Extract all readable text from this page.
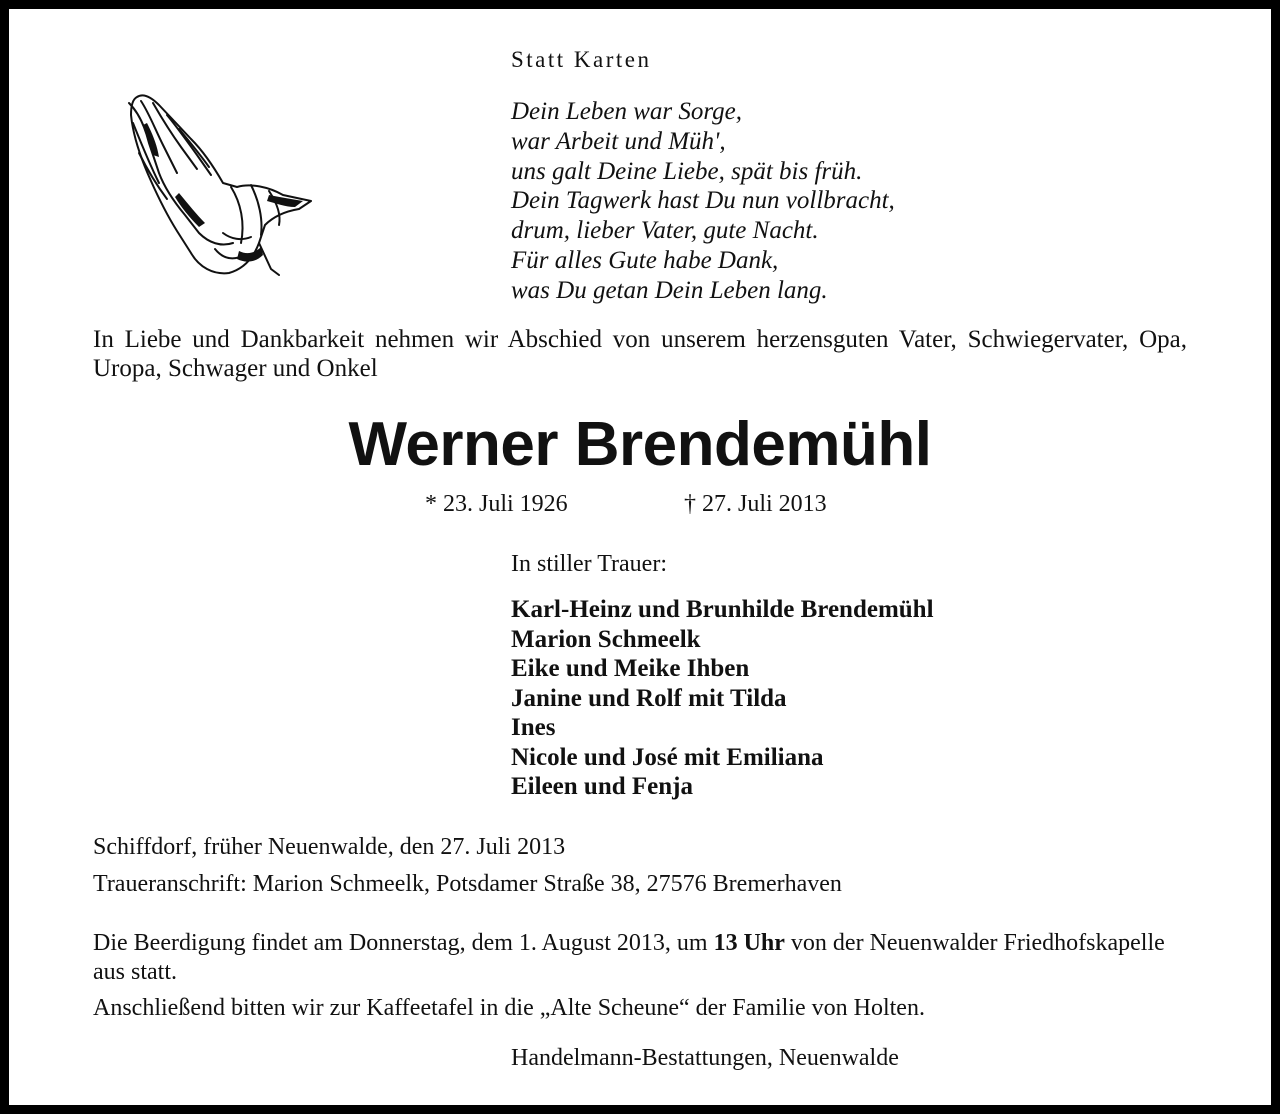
Statt Karten
Dein Leben war Sorge,
war Arbeit und Müh',
uns galt Deine Liebe, spät bis früh.
Dein Tagwerk hast Du nun vollbracht,
drum, lieber Vater, gute Nacht.
Für alles Gute habe Dank,
was Du getan Dein Leben lang.
In Liebe und Dankbarkeit nehmen wir Abschied von unserem herzensguten Vater, Schwiegervater, Opa, Uropa, Schwager und Onkel
Werner Brendemühl
* 23. Juli 1926	† 27. Juli 2013
In stiller Trauer:
Karl-Heinz und Brunhilde Brendemühl
Marion Schmeelk
Eike und Meike Ihben
Janine und Rolf mit Tilda
Ines
Nicole und José mit Emiliana
Eileen und Fenja
Schiffdorf, früher Neuenwalde, den 27. Juli 2013
Traueranschrift: Marion Schmeelk, Potsdamer Straße 38, 27576 Bremerhaven
Die Beerdigung findet am Donnerstag, dem 1. August 2013, um 13 Uhr von der Neuenwalder Friedhofskapelle aus statt.
Anschließend bitten wir zur Kaffeetafel in die „Alte Scheune“ der Familie von Holten.
Handelmann-Bestattungen, Neuenwalde
